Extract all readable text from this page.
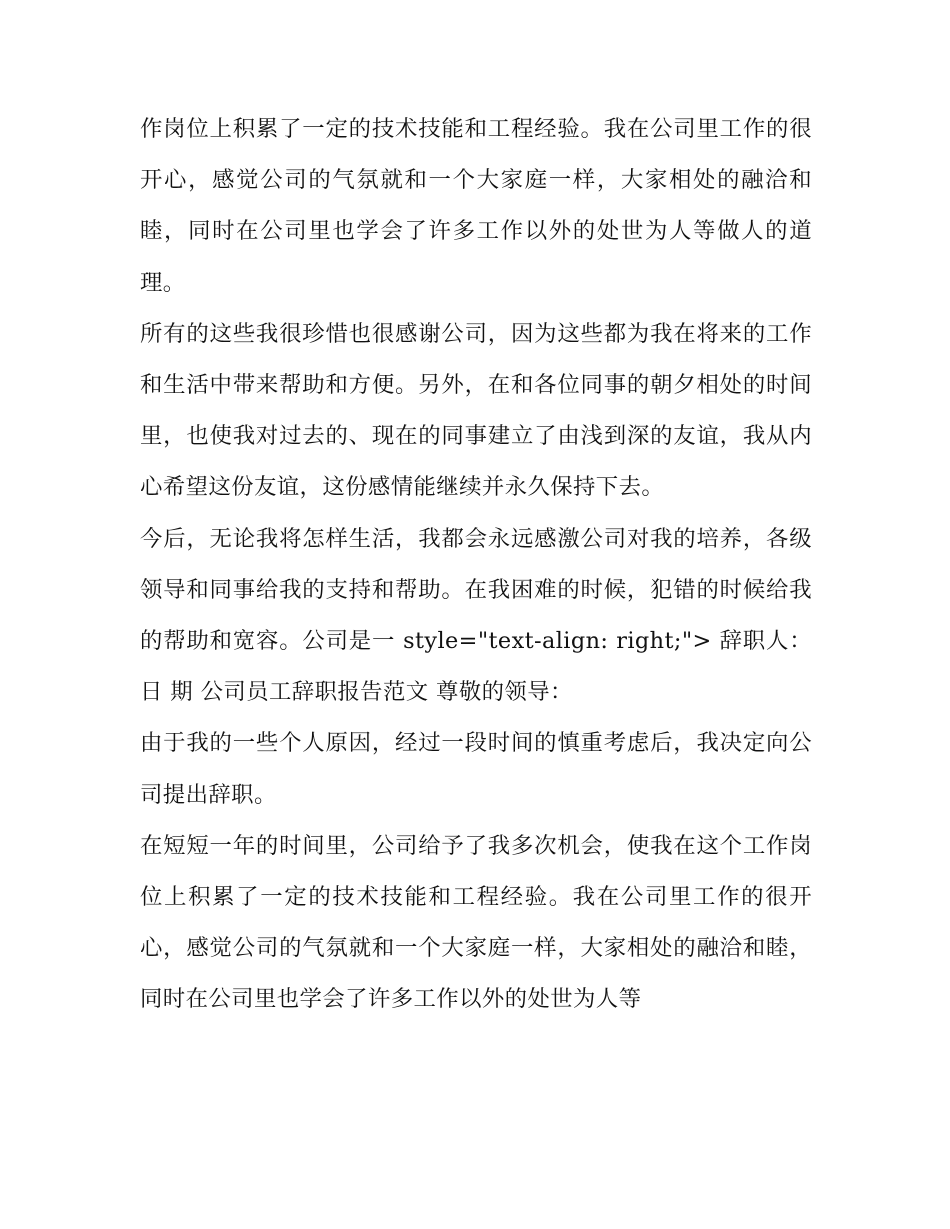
作岗位上积累了一定的技术技能和工程经验。我在公司里工作的很开心，感觉公司的气氛就和一个大家庭一样，大家相处的融洽和睦，同时在公司里也学会了许多工作以外的处世为人等做人的道理。

所有的这些我很珍惜也很感谢公司，因为这些都为我在将来的工作和生活中带来帮助和方便。另外，在和各位同事的朝夕相处的时间里，也使我对过去的、现在的同事建立了由浅到深的友谊，我从内心希望这份友谊，这份感情能继续并永久保持下去。

今后，无论我将怎样生活，我都会永远感激公司对我的培养，各级领导和同事给我的支持和帮助。在我困难的时候，犯错的时候给我的帮助和宽容。公司是一 style="text-align: right;"> 辞职人： 日 期 公司员工辞职报告范文 尊敬的领导：

由于我的一些个人原因，经过一段时间的慎重考虑后，我决定向公司提出辞职。

在短短一年的时间里，公司给予了我多次机会，使我在这个工作岗位上积累了一定的技术技能和工程经验。我在公司里工作的很开心，感觉公司的气氛就和一个大家庭一样，大家相处的融洽和睦，同时在公司里也学会了许多工作以外的处世为人等
